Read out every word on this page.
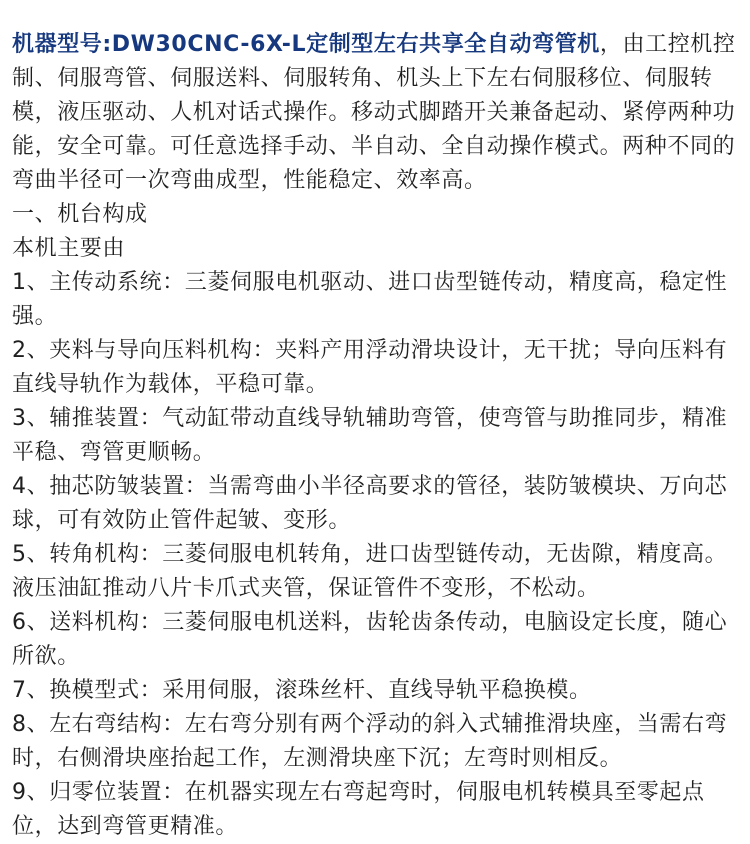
机器型号:DW30CNC-6X-L定制型左右共享全自动弯管机，由工控机控制、伺服弯管、伺服送料、伺服转角、机头上下左右伺服移位、伺服转模，液压驱动、人机对话式操作。移动式脚踏开关兼备起动、紧停两种功能，安全可靠。可任意选择手动、半自动、全自动操作模式。两种不同的弯曲半径可一次弯曲成型，性能稳定、效率高。

一、机台构成

本机主要由

1、主传动系统：三菱伺服电机驱动、进口齿型链传动，精度高，稳定性强。

2、夹料与导向压料机构：夹料产用浮动滑块设计，无干扰；导向压料有直线导轨作为载体，平稳可靠。

3、辅推装置：气动缸带动直线导轨辅助弯管，使弯管与助推同步，精准平稳、弯管更顺畅。

4、抽芯防皱装置：当需弯曲小半径高要求的管径，装防皱模块、万向芯球，可有效防止管件起皱、变形。

5、转角机构：三菱伺服电机转角，进口齿型链传动，无齿隙，精度高。液压油缸推动八片卡爪式夹管，保证管件不变形，不松动。

6、送料机构：三菱伺服电机送料，齿轮齿条传动，电脑设定长度，随心所欲。

7、换模型式：采用伺服，滚珠丝杆、直线导轨平稳换模。

8、左右弯结构：左右弯分别有两个浮动的斜入式辅推滑块座，当需右弯时，右侧滑块座抬起工作，左测滑块座下沉；左弯时则相反。

9、归零位装置：在机器实现左右弯起弯时，伺服电机转模具至零起点位，达到弯管更精准。
